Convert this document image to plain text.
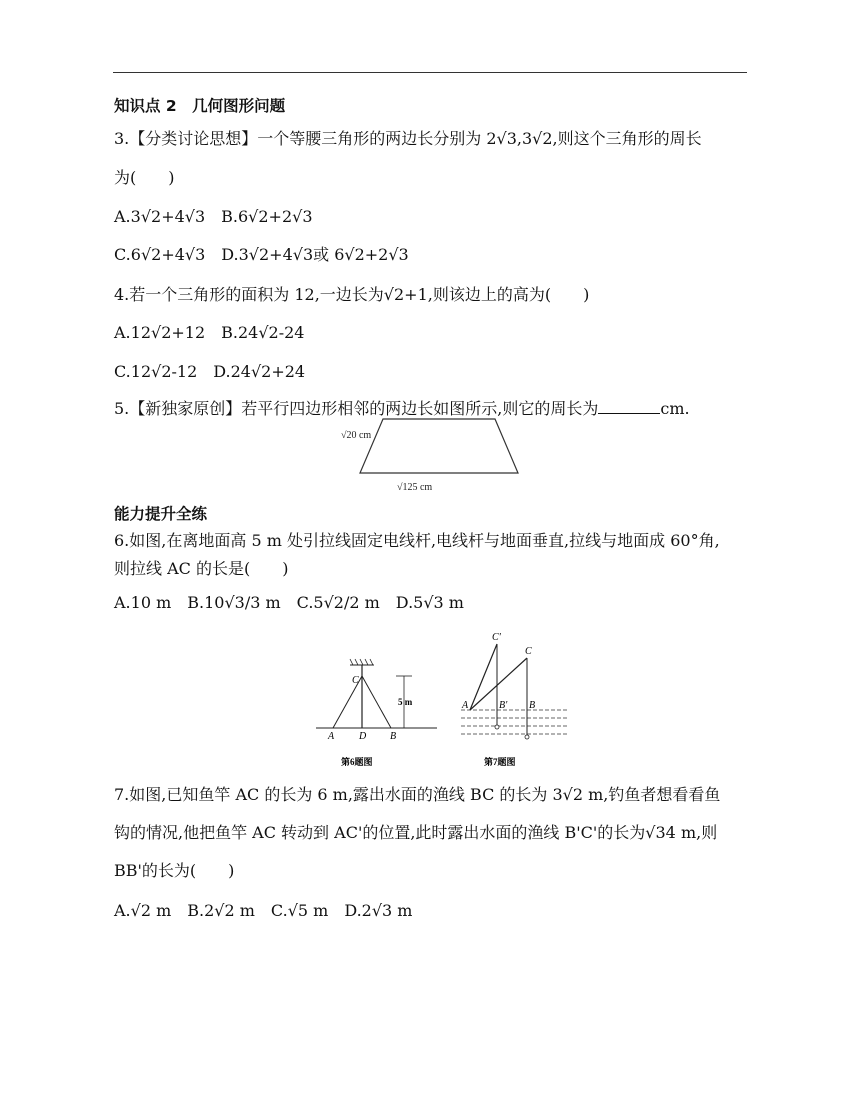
知识点 2　几何图形问题
3.【分类讨论思想】一个等腰三角形的两边长分别为 2√3,3√2,则这个三角形的周长
为(　　)
A.3√2+4√3　B.6√2+2√3
C.6√2+4√3　D.3√2+4√3或 6√2+2√3
4.若一个三角形的面积为 12,一边长为√2+1,则该边上的高为(　　)
A.12√2+12　B.24√2-24
C.12√2-12　D.24√2+24
5.【新独家原创】若平行四边形相邻的两边长如图所示,则它的周长为	cm.
√20 cm
√125 cm
能力提升全练
6.如图,在离地面高 5 m 处引拉线固定电线杆,电线杆与地面垂直,拉线与地面成 60°角,
则拉线 AC 的长是(　　)
A.10 m　B.10√3/3 m　C.5√2/2 m　D.5√3 m
C
A D B
5 m
第6题图
C'
C
A	B' B
第7题图
7.如图,已知鱼竿 AC 的长为 6 m,露出水面的渔线 BC 的长为 3√2 m,钓鱼者想看看鱼
钩的情况,他把鱼竿 AC 转动到 AC'的位置,此时露出水面的渔线 B'C'的长为√34 m,则
BB'的长为(　　)
A.√2 m　B.2√2 m　C.√5 m　D.2√3 m
